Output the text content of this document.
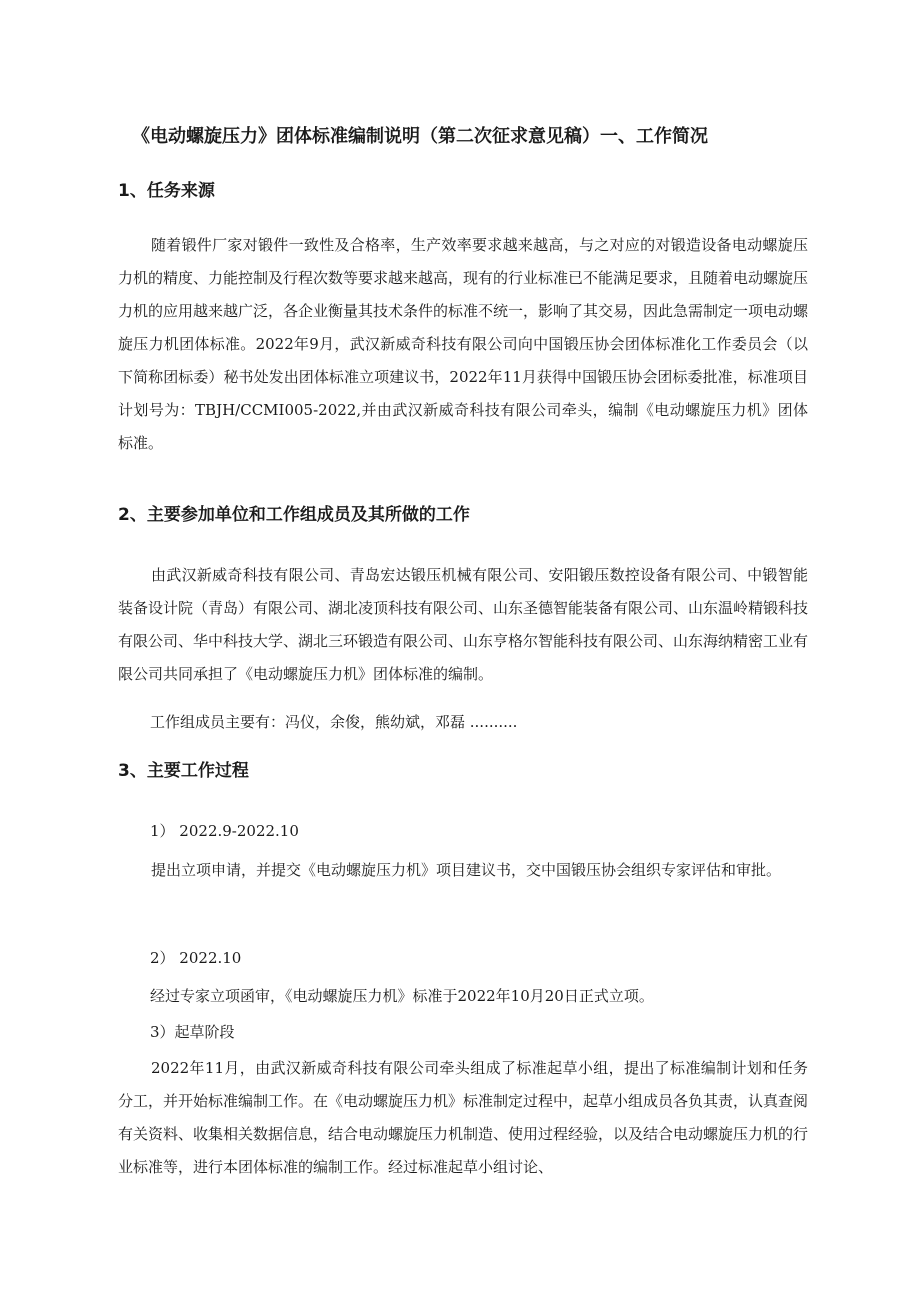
《电动螺旋压力》团体标准编制说明（第二次征求意见稿）一、工作简况
1、任务来源
随着锻件厂家对锻件一致性及合格率，生产效率要求越来越高，与之对应的对锻造设备电动螺旋压力机的精度、力能控制及行程次数等要求越来越高，现有的行业标准已不能满足要求，且随着电动螺旋压力机的应用越来越广泛，各企业衡量其技术条件的标准不统一，影响了其交易，因此急需制定一项电动螺旋压力机团体标准。2022年9月，武汉新威奇科技有限公司向中国锻压协会团体标准化工作委员会（以下简称团标委）秘书处发出团体标准立项建议书，2022年11月获得中国锻压协会团标委批准，标准项目计划号为：TBJH/CCMI005-2022,并由武汉新威奇科技有限公司牵头，编制《电动螺旋压力机》团体标准。
2、主要参加单位和工作组成员及其所做的工作
由武汉新威奇科技有限公司、青岛宏达锻压机械有限公司、安阳锻压数控设备有限公司、中锻智能装备设计院（青岛）有限公司、湖北凌顶科技有限公司、山东圣德智能装备有限公司、山东温岭精锻科技有限公司、华中科技大学、湖北三环锻造有限公司、山东亨格尔智能科技有限公司、山东海纳精密工业有限公司共同承担了《电动螺旋压力机》团体标准的编制。
工作组成员主要有：冯仪，余俊，熊幼斌，邓磊 ..........
3、主要工作过程
1） 2022.9-2022.10
提出立项申请，并提交《电动螺旋压力机》项目建议书，交中国锻压协会组织专家评估和审批。
2） 2022.10
经过专家立项函审，《电动螺旋压力机》标准于2022年10月20日正式立项。
3）起草阶段
2022年11月，由武汉新威奇科技有限公司牵头组成了标准起草小组，提出了标准编制计划和任务分工，并开始标准编制工作。在《电动螺旋压力机》标准制定过程中，起草小组成员各负其责，认真查阅有关资料、收集相关数据信息，结合电动螺旋压力机制造、使用过程经验，以及结合电动螺旋压力机的行业标准等，进行本团体标准的编制工作。经过标准起草小组讨论、
